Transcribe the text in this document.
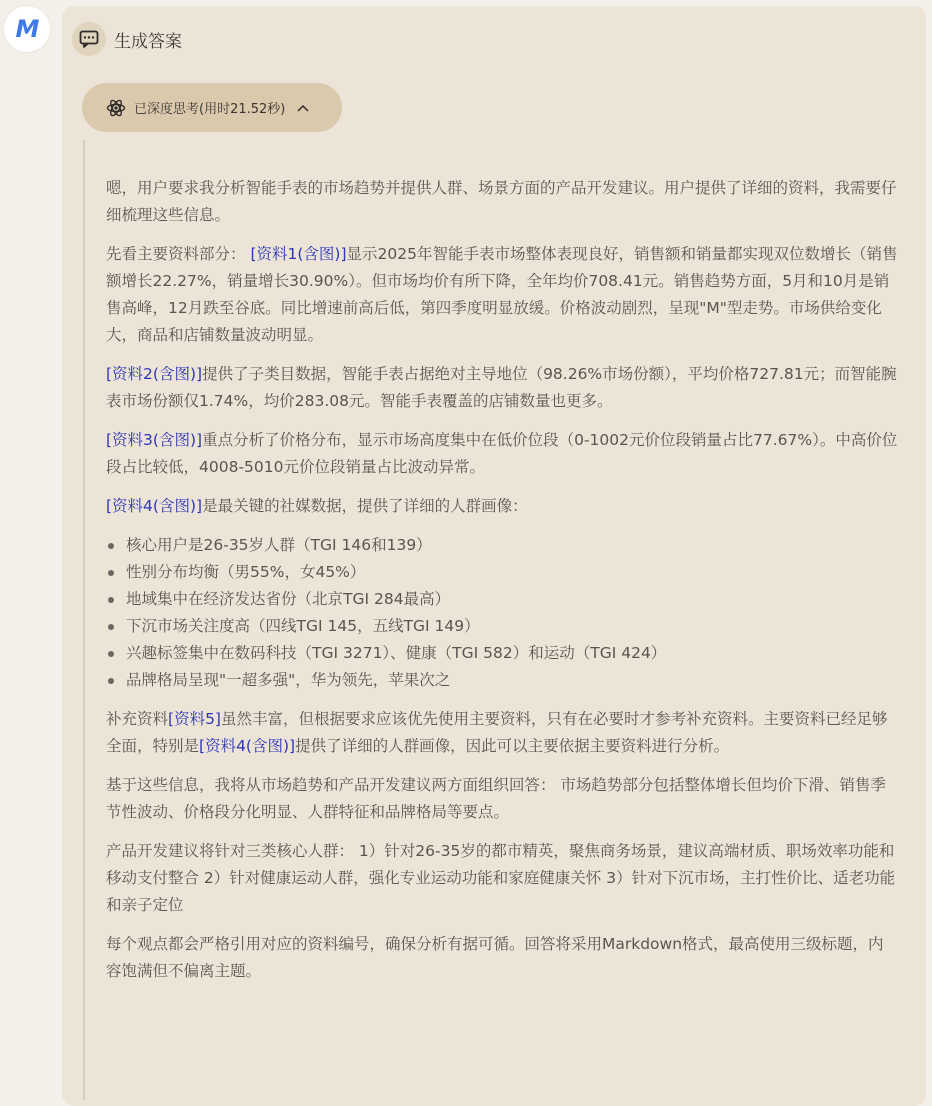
M	生成答案
已深度思考(用时21.52秒)

嗯，用户要求我分析智能手表的市场趋势并提供人群、场景方面的产品开发建议。用户提供了详细的资料，我需要仔细梳理这些信息。

先看主要资料部分： [资料1(含图)]显示2025年智能手表市场整体表现良好，销售额和销量都实现双位数增长（销售额增长22.27%，销量增长30.90%）。但市场均价有所下降，全年均价708.41元。销售趋势方面，5月和10月是销售高峰，12月跌至谷底。同比增速前高后低，第四季度明显放缓。价格波动剧烈，呈现"M"型走势。市场供给变化大，商品和店铺数量波动明显。

[资料2(含图)]提供了子类目数据，智能手表占据绝对主导地位（98.26%市场份额），平均价格727.81元；而智能腕表市场份额仅1.74%，均价283.08元。智能手表覆盖的店铺数量也更多。

[资料3(含图)]重点分析了价格分布，显示市场高度集中在低价位段（0-1002元价位段销量占比77.67%）。中高价位段占比较低，4008-5010元价位段销量占比波动异常。

[资料4(含图)]是最关键的社媒数据，提供了详细的人群画像：

核心用户是26-35岁人群（TGI 146和139）
性别分布均衡（男55%，女45%）
地域集中在经济发达省份（北京TGI 284最高）
下沉市场关注度高（四线TGI 145，五线TGI 149）
兴趣标签集中在数码科技（TGI 3271）、健康（TGI 582）和运动（TGI 424）
品牌格局呈现"一超多强"，华为领先，苹果次之

补充资料[资料5]虽然丰富，但根据要求应该优先使用主要资料，只有在必要时才参考补充资料。主要资料已经足够全面，特别是[资料4(含图)]提供了详细的人群画像，因此可以主要依据主要资料进行分析。

基于这些信息，我将从市场趋势和产品开发建议两方面组织回答： 市场趋势部分包括整体增长但均价下滑、销售季节性波动、价格段分化明显、人群特征和品牌格局等要点。

产品开发建议将针对三类核心人群： 1）针对26-35岁的都市精英，聚焦商务场景，建议高端材质、职场效率功能和移动支付整合 2）针对健康运动人群，强化专业运动功能和家庭健康关怀 3）针对下沉市场，主打性价比、适老功能和亲子定位

每个观点都会严格引用对应的资料编号，确保分析有据可循。回答将采用Markdown格式，最高使用三级标题，内容饱满但不偏离主题。
